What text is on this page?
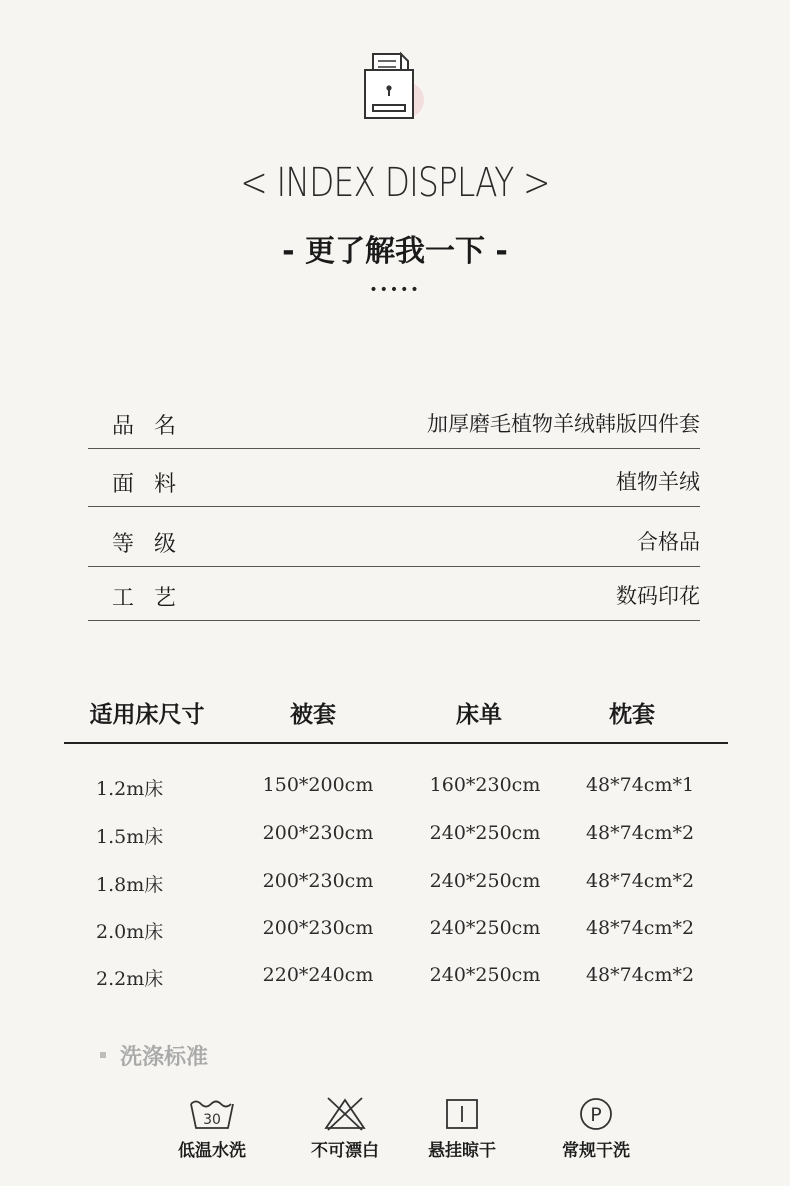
< INDEX DISPLAY >
- 更了解我一下 -
•••••
品名	加厚磨毛植物羊绒韩版四件套
面料	植物羊绒
等级	合格品
工艺	数码印花
适用床尺寸	被套	床单	枕套
1.2m床	150*200cm	160*230cm 48*74cm*1
1.5m床	200*230cm	240*250cm 48*74cm*2
1.8m床	200*230cm	240*250cm 48*74cm*2
2.0m床	200*230cm	240*250cm 48*74cm*2
2.2m床	220*240cm	240*250cm 48*74cm*2
洗涤标准
30
低温水洗	不可漂白	悬挂晾干
P
常规干洗
